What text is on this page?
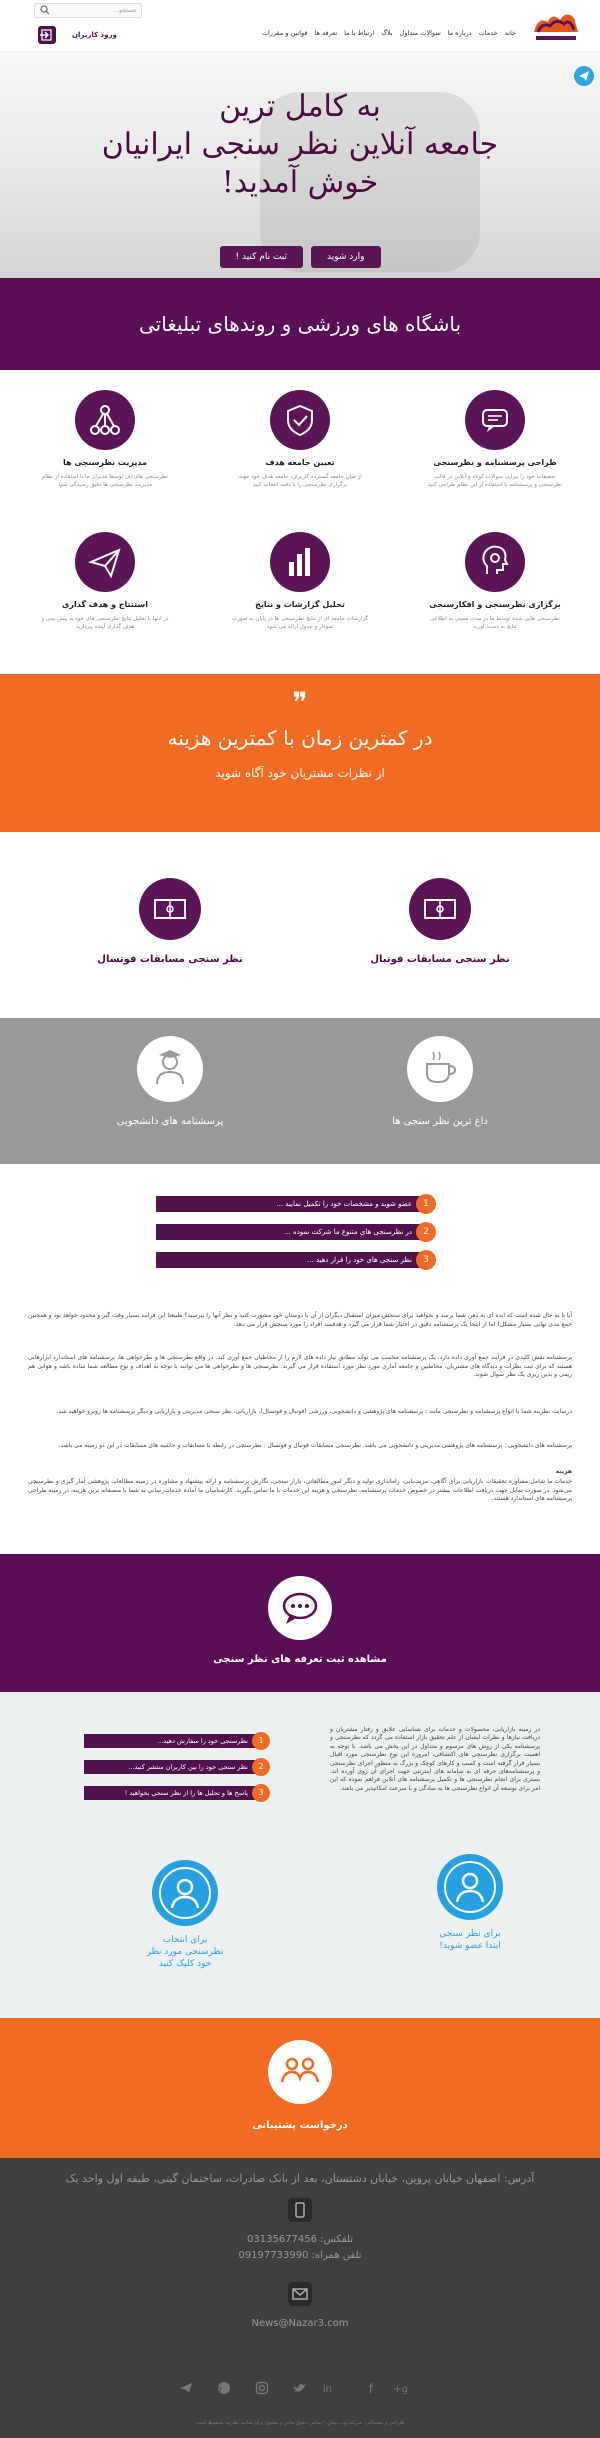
جستجو...
ورود کاربران	خانه
خدمات
درباره ما
سوالات متداول
بلاگ
ارتباط با ما
تعرفه ها
قوانین و مقررات
به کامل ترین
جامعه آنلاین نظر سنجی ایرانیان
خوش آمدید!
وارد شوید
ثبت نام کنید !
باشگاه های ورزشی و روندهای تبلیغاتی
طراحی پرسشنامه و نظرسنجی
تحقیقات خود را ببرایی سوالات کوتاه و آنلاین در قالب نظرسنجی و پرسشنامه با استفاده از این نظام طراحی کنید
تعیین جامعه هدف
از میان جامعه گسترده کاربران، جامعه هدف خود جهت برگزاری نظرسنجی را با دقت انتخاب کنید
مدیریت نظرسنجی ها
نظرسنجی های تان توسط مدیران ما با استفاده از نظام مدیریت نظرسنجی ها دقیق رسیدگی شود
برگزاری نظرسنجی و افکارسنجی
نظرسنجی هایی شده توسط ما در مدت معینی به اطلاعی نتایج به دست آورید
تحلیل گزارشات و نتایج
گزارشات جامعه ای از نتایج نظرسنجی ها در پایان به صورت نمودار و جدول ارائه می شود
استنتاج و هدف گذاری
در انتها با تحلیل نتایج نظرسنجی های خود به پیش بینی و هدف گذاری آینده بپردازید
❞
در کمترین زمان با کمترین هزینه
از نظرات مشتریان خود آگاه شوید
نظر سنجی مسابقات فوتبال
نظر سنجی مسابقات فوتسال
داغ ترین نظر سنجی ها
پرسشنامه های دانشجویی
عضو شوید و مشخصات خود را تکمیل نمایید ...	1
در نظرسنجی های متنوع ما شرکت نموده ...	2
نظر سنجی های خود را قرار دهید ...	3
آیا تا به حال شده است که ایده ای به ذهن شما برسد و بخواهید برای سنجش میزان استقبال دیگران از آن با دوستان خود مشورت کنید و نظر آنها را بپرسید؟ طبیعتا این فرایند بسیار وقت گیر و محدود خواهد بود و همچنین جمع بندی نهایی بسیار مشکل! اما از اینجا یک پرسشنامه دقیق در اختیار شما قرار می گیرد و هدفمند افراد را مورد سنجش قرار می دهد.
پرسشنامه نقش کلیدی در فرآیند جمع آوری داده دارد. یک پرسشنامه مناسب می تواند مطابق نیاز داده های لازم را از مخاطبان جمع آوری کند. در واقع نظرسنجی ها و نظرخواهی ها، پرسشنامه های استاندارد ابزارهایی هستند که برای ثبت نظرات و دیدگاه های مشتریان، مخاطبین و جامعه آماری مورد نظر مورد استفاده قرار می گیرند. نظرسنجی ها و نظرخواهی ها می توانند با توجه به اهداف و نوع مطالعه شما ساده باشد و هوانی هم ریمی و بدین ریزی یک نظر سوال شوند.
درسایت نظرینه شما با انواع پرسشنامه و نظرسنجی مانند : پرسشنامه های پژوهشی و دانشجویی، ورزشی (فوتبال و فوتسال)، بازاریابی، نظر سنجی مدیریتی و بازاریابی و دیگر پرسشنامه ها روبرو خواهید شد.
پرسشنامه های دانشجویی : پرسشنامه های پژوهشی مدیریتی و دانشجویی می باشد. نظرسنجی مسابقات فوتبال و فوتسال : نظرسنجی در رابطه با مسابقات و حاشیه های مسابقات در این دو زمینه می باشد.
هزینه
خدمات ما شامل مشاوره تحقیقات بازاریابی برای آگاهی، مزیت‌یابی، زاماندازی تولید و دیگر امور مطالعاتی، بازار سنجی، نگارش پرسشنامه و ارائه پیشنهاد و مشاوره در زمینه مطالعات پژوهشی آمار گیری و نظرسنجی می‌شود. در صورت تمایل جهت دریافت اطلاعات بیشتر در خصوص خدمات پرسشنامه، نظرسنجی و هزینه این خدمات با ما تماس بگیرید. کارشناسان ما آماده خدمات‌رسانی به شما با منصفانه ترین هزینه، در زمینه طراحی پرسشنامه های استاندارد هستند.
مشاهده ثبت تعرفه های نظر سنجی
نظرسنجی خود را سفارش دهید...	1
نظر سنجی خود را بین کاربران منتشر کنید...	2
پاسخ ها و تحلیل ها را از نظر سنجی بخواهید !	3
در زمینه بازاریابی، محصولات و خدمات برای شناسایی علایق و رفتار مشتریان و دریافت نیازها و نظرات ایشان از علم تحقیق بازار استفاده می گردد که نظرسنجی و پرسشنامه یکی از روش های مرسوم و متداول در این بخش می باشد. با توجه به اهمیت برگزاری نظرسنجی های اکتشافی، امروزه این نوع نظرسنجی مورد اقبال بسیار قرار گرفته است و کسب و کارهای کوچک و بزرگ به منظور اجرای نظرسنجی و پرسشنامه‌های حرفه ای به سامانه های اینترنتی جهت اجرای آن روی آورده اند. بستری برای انجام نظرسنجی ها و تکمیل پرسشنامه های آنلاین فراهم نموده که این امر برای توسعه آن انواع نظرسنجی ها به سادگی و با سرعت امکانپذیر می باشد.
برای انتخاب
نظرسنجی مورد نظر
خود کلیک کنید
برای نظر سنجی
ابتدا عضو شوید!
درخواست پشتیبانی
آدرس: اصفهان خیابان پروین، خیابان دشتستان، بعد از بانک صادرات، ساختمان گیتی، طبقه اول واحد یک
تلفکس: 03135677456
تلفن همراه: 09197733990
News@Nazar3.com
g+
f
in
p
طراحی و پشتیبانی: شرکت وب پیمان | تمامی حقوق مادی و معنوی برای سایت نظرینه محفوظ است
